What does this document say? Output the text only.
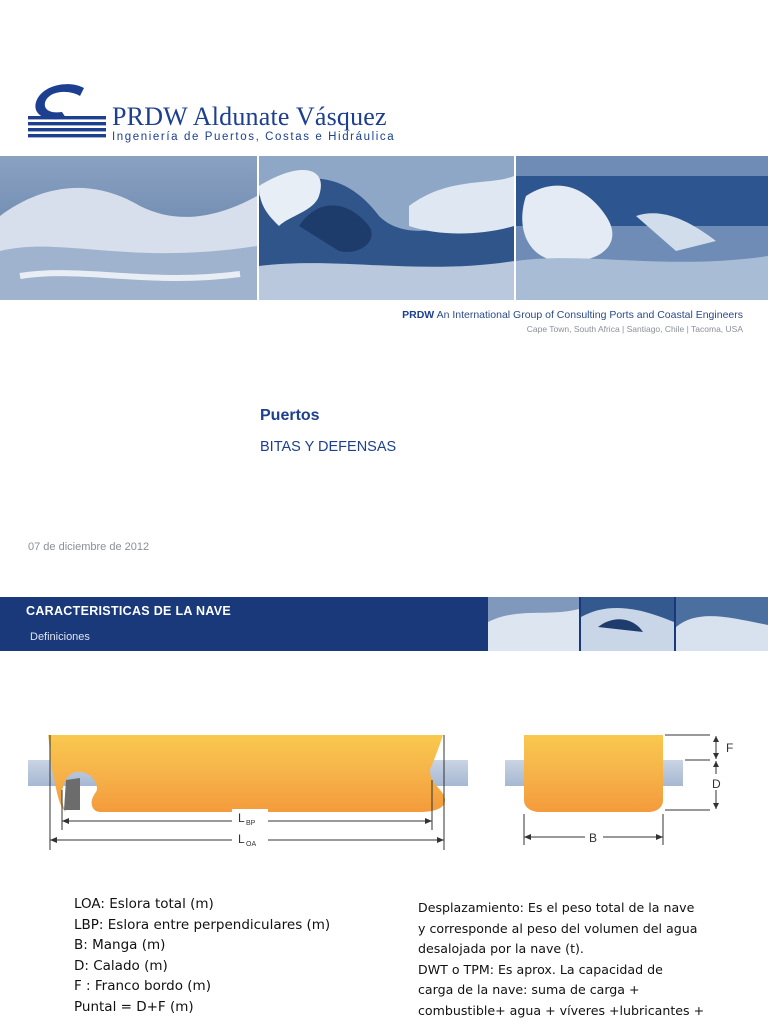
PRDW Aldunate Vásquez
Ingeniería de Puertos, Costas e Hidráulica
PRDW An International Group of Consulting Ports and Coastal Engineers
Cape Town, South Africa | Santiago, Chile | Tacoma, USA
Puertos
BITAS Y DEFENSAS
07 de diciembre de 2012
CARACTERISTICAS DE LA NAVE
Definiciones
L BP
L OA
F
D
B
LOA: Eslora total (m)
LBP: Eslora entre perpendiculares (m)
B: Manga (m)
D: Calado (m)
F : Franco bordo (m)
Puntal = D+F (m)
Desplazamiento: Es el peso total de la nave
y corresponde al peso del volumen del agua
desalojada por la nave (t).
DWT o TPM: Es aprox. La capacidad de
carga de la nave: suma de carga +
combustible+ agua + víveres +lubricantes +
